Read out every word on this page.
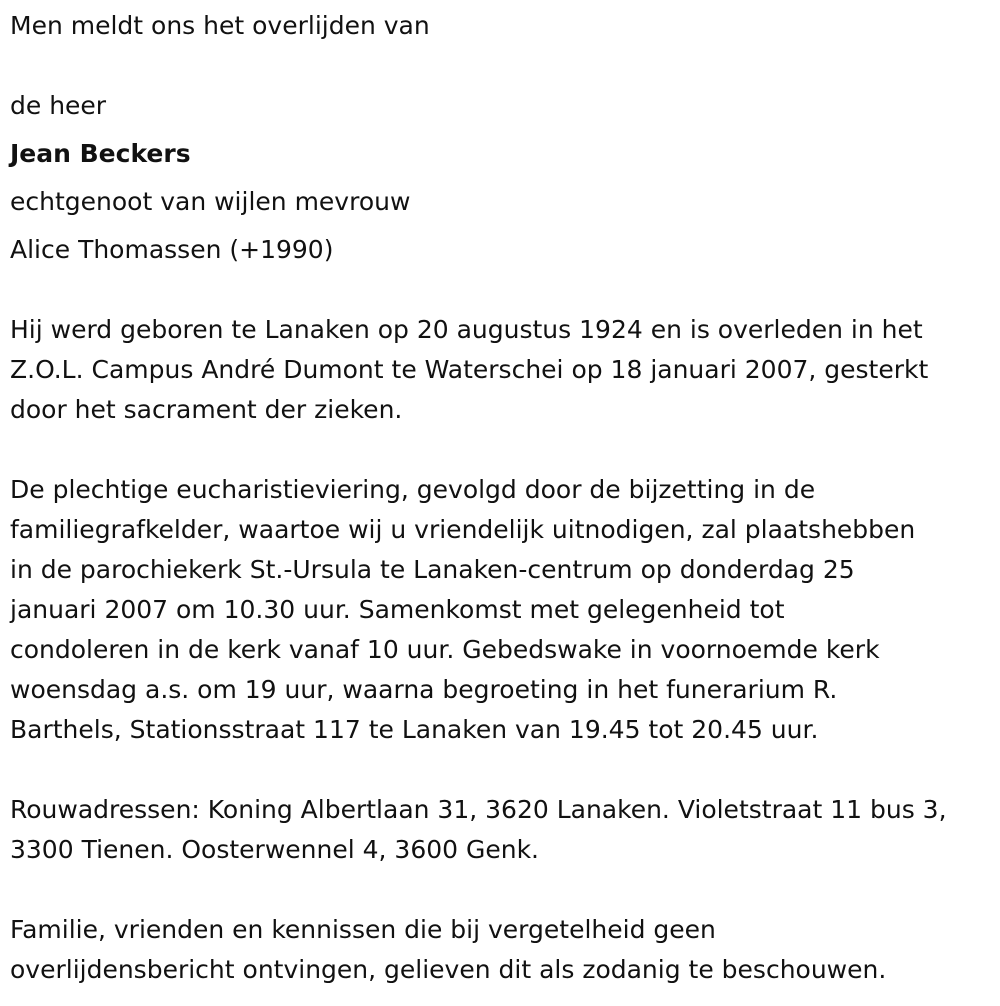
Men meldt ons het overlijden van

de heer

Jean Beckers

echtgenoot van wijlen mevrouw

Alice Thomassen (+1990)

Hij werd geboren te Lanaken op 20 augustus 1924 en is overleden in het

Z.O.L. Campus André Dumont te Waterschei op 18 januari 2007, gesterkt

door het sacrament der zieken.

De plechtige eucharistieviering, gevolgd door de bijzetting in de

familiegrafkelder, waartoe wij u vriendelijk uitnodigen, zal plaatshebben

in de parochiekerk St.-Ursula te Lanaken-centrum op donderdag 25

januari 2007 om 10.30 uur. Samenkomst met gelegenheid tot

condoleren in de kerk vanaf 10 uur. Gebedswake in voornoemde kerk

woensdag a.s. om 19 uur, waarna begroeting in het funerarium R.

Barthels, Stationsstraat 117 te Lanaken van 19.45 tot 20.45 uur.

Rouwadressen: Koning Albertlaan 31, 3620 Lanaken. Violetstraat 11 bus 3,

3300 Tienen. Oosterwennel 4, 3600 Genk.

Familie, vrienden en kennissen die bij vergetelheid geen

overlijdensbericht ontvingen, gelieven dit als zodanig te beschouwen.
